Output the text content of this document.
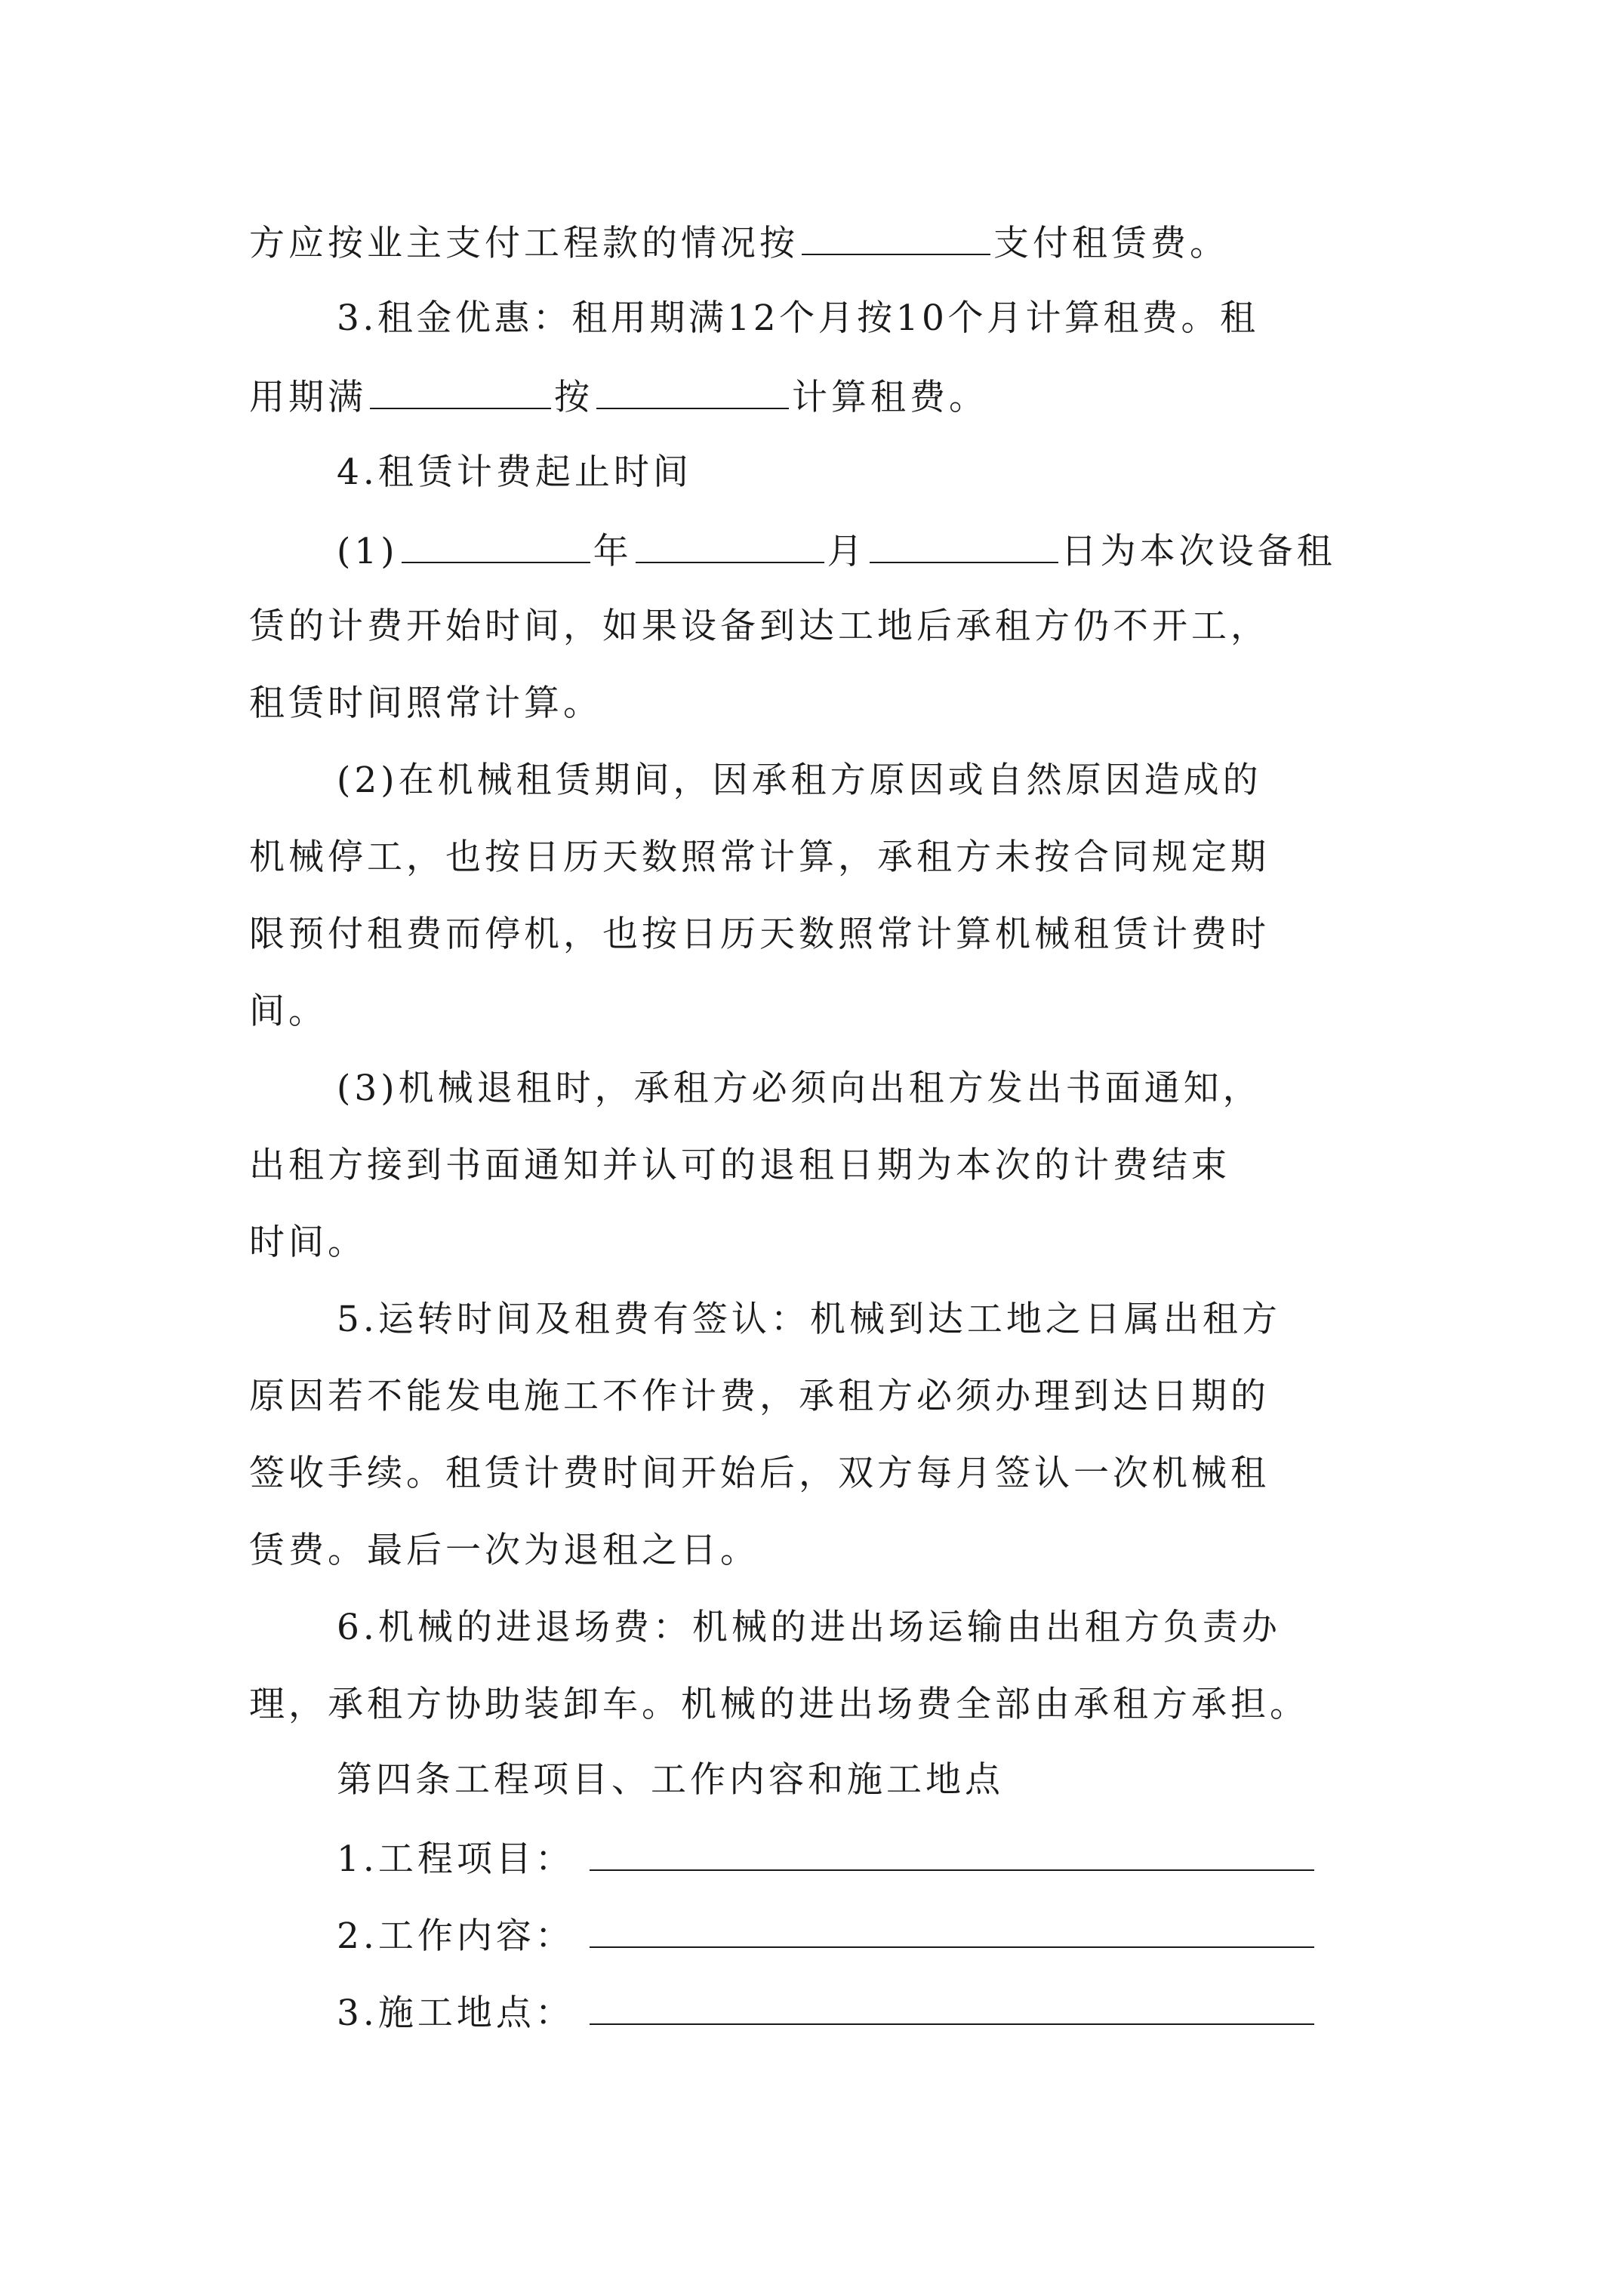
方应按业主支付工程款的情况按	支付租赁费。
3.租金优惠：租用期满12个月按10个月计算租费。租
用期满	按	计算租费。
4.租赁计费起止时间
(1)	年	月	日为本次设备租
赁的计费开始时间，如果设备到达工地后承租方仍不开工，
租赁时间照常计算。
(2)在机械租赁期间，因承租方原因或自然原因造成的
机械停工，也按日历天数照常计算，承租方未按合同规定期
限预付租费而停机，也按日历天数照常计算机械租赁计费时
间。
(3)机械退租时，承租方必须向出租方发出书面通知，
出租方接到书面通知并认可的退租日期为本次的计费结束
时间。
5.运转时间及租费有签认：机械到达工地之日属出租方
原因若不能发电施工不作计费，承租方必须办理到达日期的
签收手续。租赁计费时间开始后，双方每月签认一次机械租
赁费。最后一次为退租之日。
6.机械的进退场费：机械的进出场运输由出租方负责办
理，承租方协助装卸车。机械的进出场费全部由承租方承担。
第四条工程项目、工作内容和施工地点
1.工程项目：
2.工作内容：
3.施工地点：
